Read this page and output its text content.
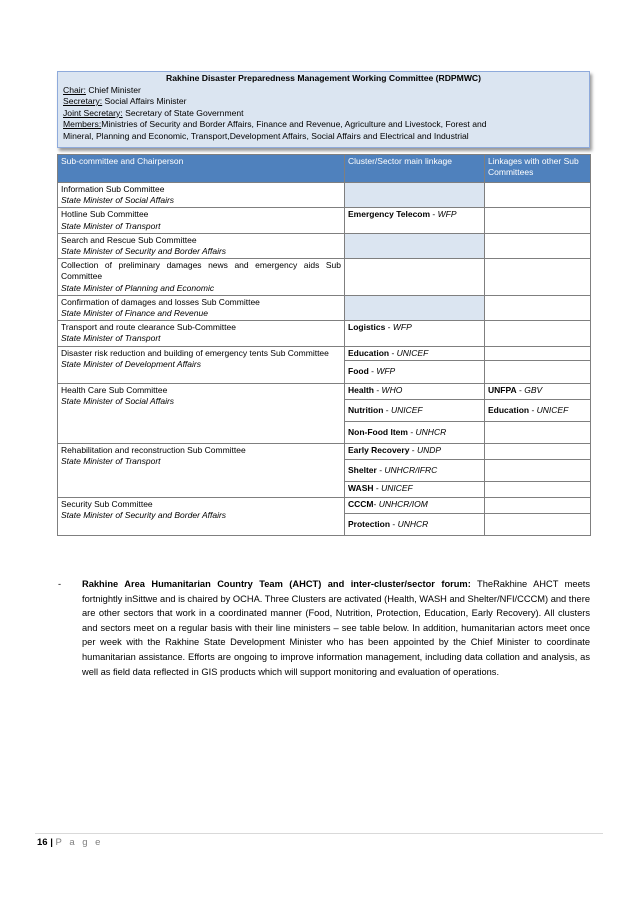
Rakhine Disaster Preparedness Management Working Committee (RDPMWC)
Chair: Chief Minister
Secretary: Social Affairs Minister
Joint Secretary: Secretary of State Government
Members:Ministries of Security and Border Affairs, Finance and Revenue, Agriculture and Livestock, Forest and
Mineral, Planning and Economic, Transport,Development Affairs, Social Affairs and Electrical and Industrial
Sub-committee and Chairperson	Cluster/Sector main linkage	Linkages with other Sub Committees

Information Sub Committee
State Minister of Social Affairs		

Hotline Sub Committee
State Minister of Transport	Emergency Telecom - WFP	

Search and Rescue Sub Committee
State Minister of Security and Border Affairs		

Collection of preliminary damages news and emergency aids Sub Committee
State Minister of Planning and Economic		

Confirmation of damages and losses Sub Committee
State Minister of Finance and Revenue		

Transport and route clearance Sub-Committee
State Minister of Transport	Logistics - WFP	

Disaster risk reduction and building of emergency tents Sub Committee
State Minister of Development Affairs	Education - UNICEF	
	Food - WFP	

Health Care Sub Committee
State Minister of Social Affairs	Health - WHO	UNFPA - GBV
	Nutrition - UNICEF	Education - UNICEF
	Non-Food Item - UNHCR	

Rehabilitation and reconstruction Sub Committee
State Minister of Transport	Early Recovery - UNDP	
	Shelter - UNHCR/IFRC	
	WASH - UNICEF	

Security Sub Committee
State Minister of Security and Border Affairs	CCCM- UNHCR/IOM	
	Protection - UNHCR	
- Rakhine Area Humanitarian Country Team (AHCT) and inter-cluster/sector forum: TheRakhine AHCT meets fortnightly inSittwe and is chaired by OCHA. Three Clusters are activated (Health, WASH and Shelter/NFI/CCCM) and there are other sectors that work in a coordinated manner (Food, Nutrition, Protection, Education, Early Recovery). All clusters and sectors meet on a regular basis with their line ministers – see table below. In addition, humanitarian actors meet once per week with the Rakhine State Development Minister who has been appointed by the Chief Minister to coordinate humanitarian assistance. Efforts are ongoing to improve information management, including data collation and analysis, as well as field data reflected in GIS products which will support monitoring and evaluation of operations.
16 | P a g e
